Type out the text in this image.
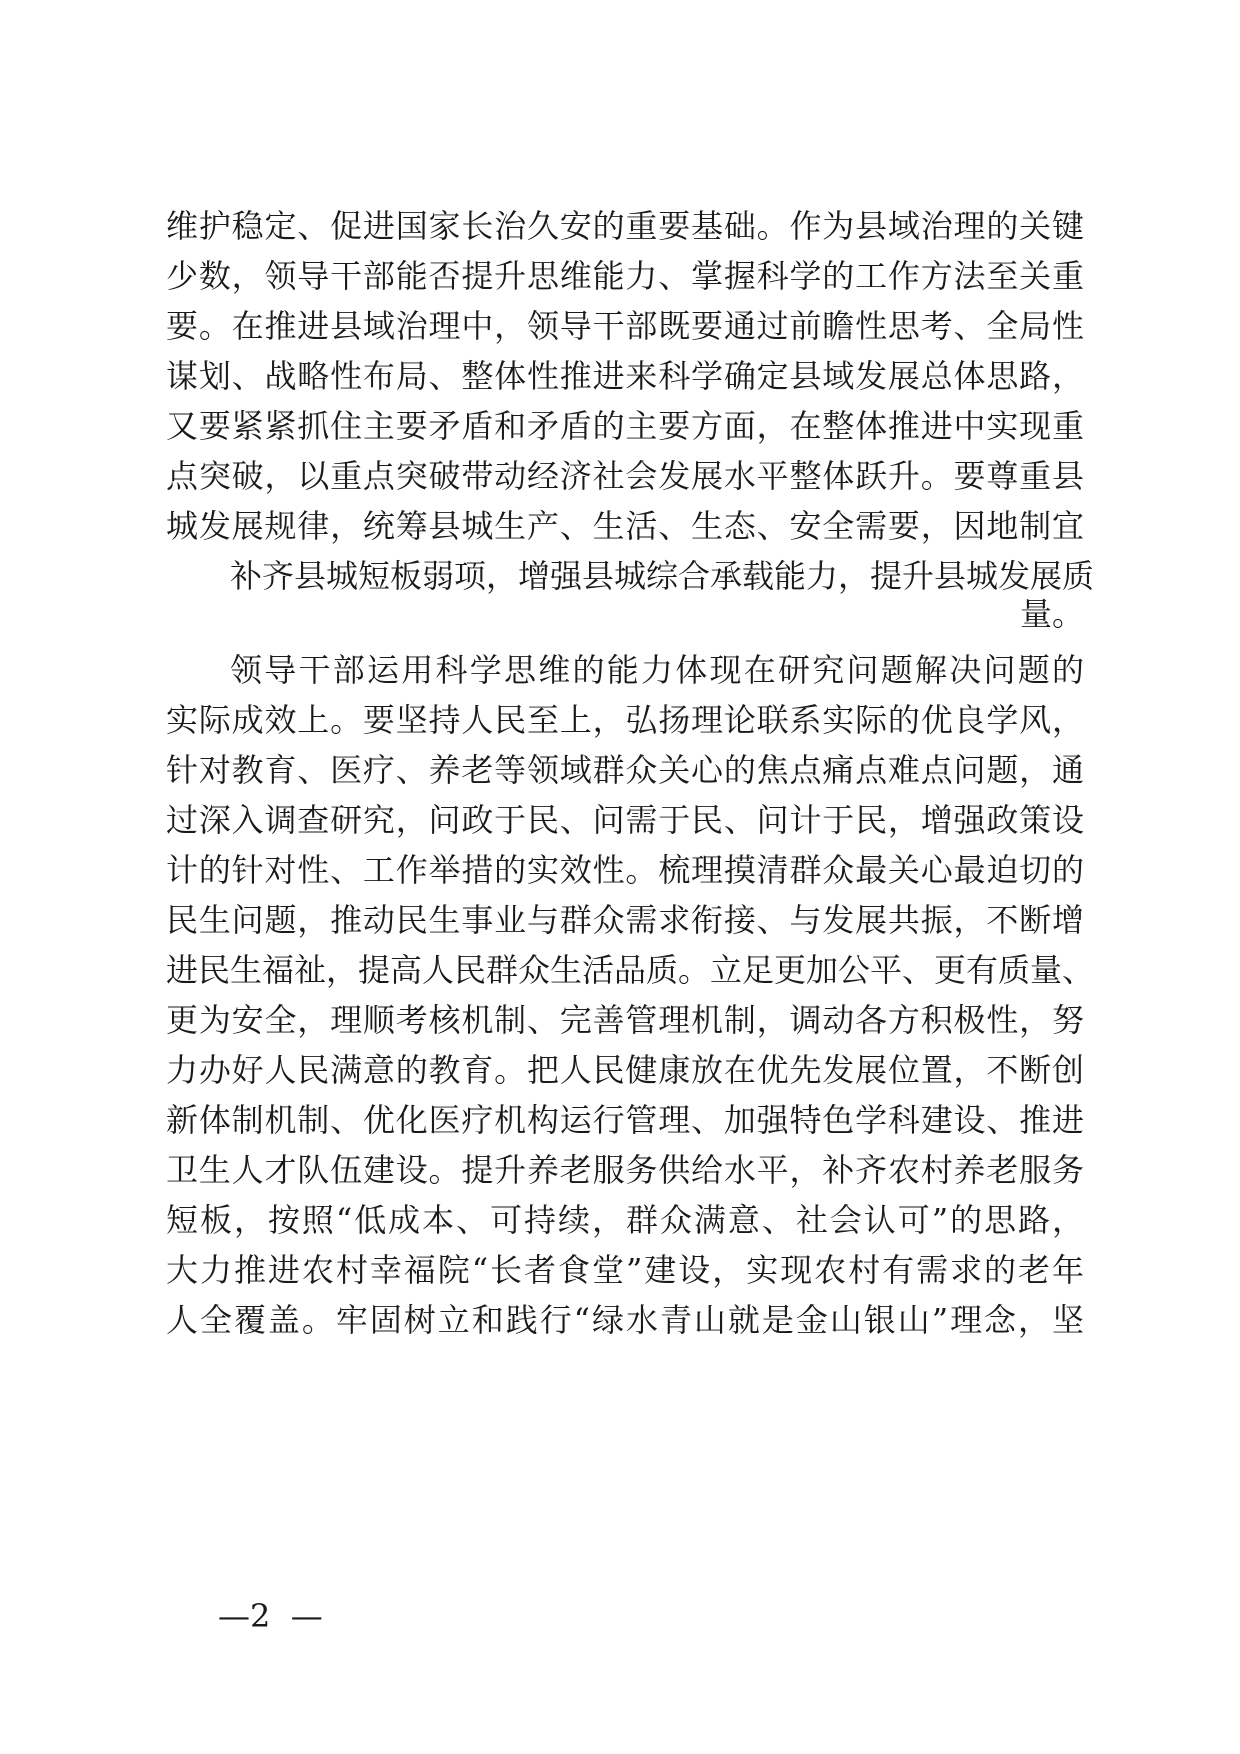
维护稳定、促进国家长治久安的重要基础。作为县域治理的关键
少数，领导干部能否提升思维能力、掌握科学的工作方法至关重
要。在推进县域治理中，领导干部既要通过前瞻性思考、全局性
谋划、战略性布局、整体性推进来科学确定县域发展总体思路，
又要紧紧抓住主要矛盾和矛盾的主要方面，在整体推进中实现重
点突破，以重点突破带动经济社会发展水平整体跃升。要尊重县
城发展规律，统筹县城生产、生活、生态、安全需要，因地制宜
补齐县城短板弱项，增强县城综合承载能力，提升县城发展质
量。
领导干部运用科学思维的能力体现在研究问题解决问题的
实际成效上。要坚持人民至上，弘扬理论联系实际的优良学风，
针对教育、医疗、养老等领域群众关心的焦点痛点难点问题，通
过深入调查研究，问政于民、问需于民、问计于民，增强政策设
计的针对性、工作举措的实效性。梳理摸清群众最关心最迫切的
民生问题，推动民生事业与群众需求衔接、与发展共振，不断增
进民生福祉，提高人民群众生活品质。立足更加公平、更有质量、
更为安全，理顺考核机制、完善管理机制，调动各方积极性，努
力办好人民满意的教育。把人民健康放在优先发展位置，不断创
新体制机制、优化医疗机构运行管理、加强特色学科建设、推进
卫生人才队伍建设。提升养老服务供给水平，补齐农村养老服务
短板，按照“低成本、可持续，群众满意、社会认可”的思路，
大力推进农村幸福院“长者食堂”建设，实现农村有需求的老年
人全覆盖。牢固树立和践行“绿水青山就是金山银山”理念，坚
—2  —
